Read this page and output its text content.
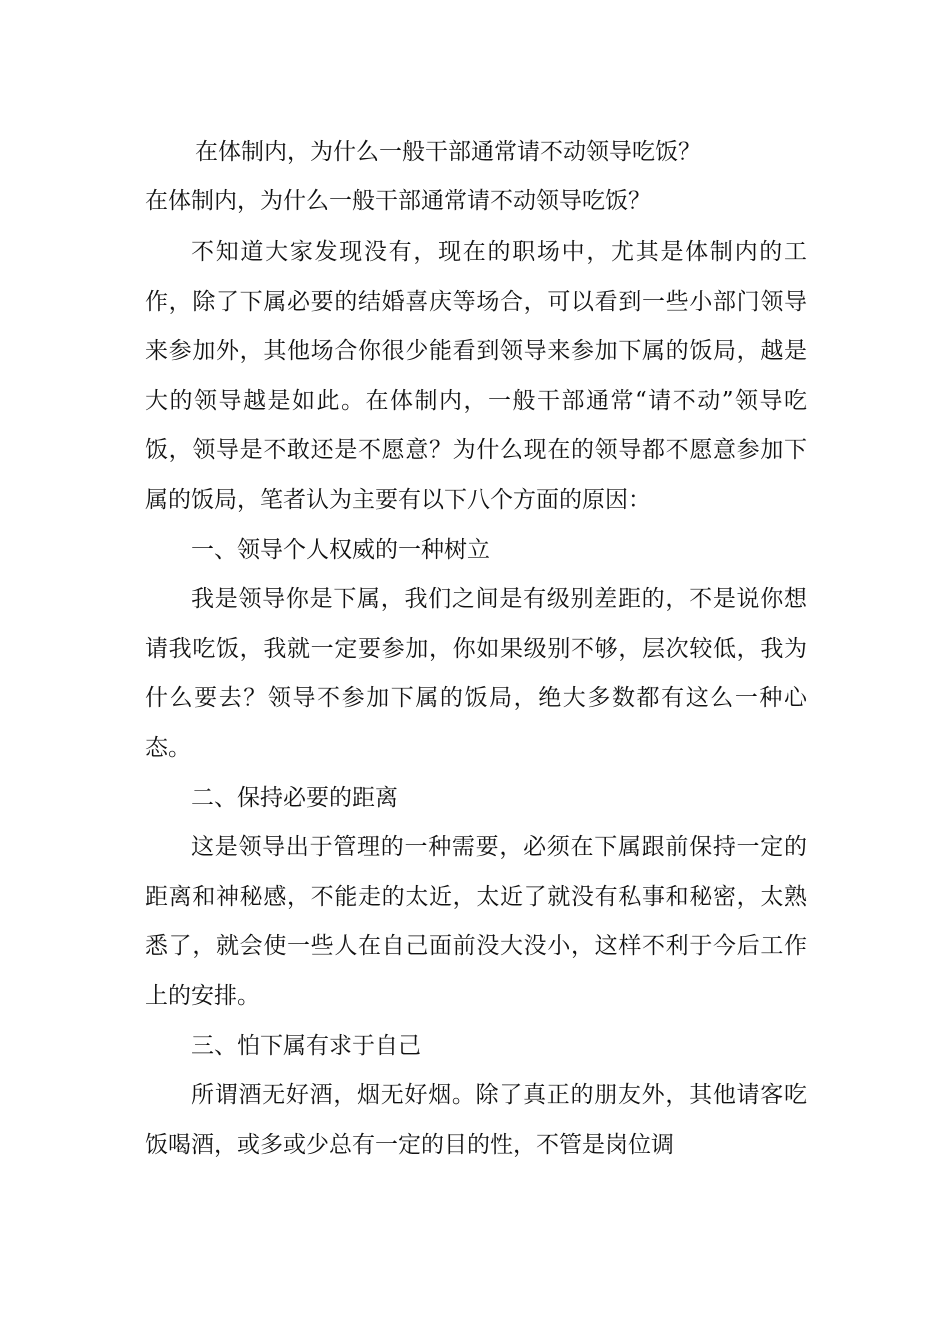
在体制内，为什么一般干部通常请不动领导吃饭？
在体制内，为什么一般干部通常请不动领导吃饭？

不知道大家发现没有，现在的职场中，尤其是体制内的工作，除了下属必要的结婚喜庆等场合，可以看到一些小部门领导来参加外，其他场合你很少能看到领导来参加下属的饭局，越是大的领导越是如此。在体制内，一般干部通常“请不动”领导吃饭，领导是不敢还是不愿意？为什么现在的领导都不愿意参加下属的饭局，笔者认为主要有以下八个方面的原因：

一、领导个人权威的一种树立

我是领导你是下属，我们之间是有级别差距的，不是说你想请我吃饭，我就一定要参加，你如果级别不够，层次较低，我为什么要去？领导不参加下属的饭局，绝大多数都有这么一种心态。

二、保持必要的距离

这是领导出于管理的一种需要，必须在下属跟前保持一定的距离和神秘感，不能走的太近，太近了就没有私事和秘密，太熟悉了，就会使一些人在自己面前没大没小，这样不利于今后工作上的安排。

三、怕下属有求于自己

所谓酒无好酒，烟无好烟。除了真正的朋友外，其他请客吃饭喝酒，或多或少总有一定的目的性，不管是岗位调
